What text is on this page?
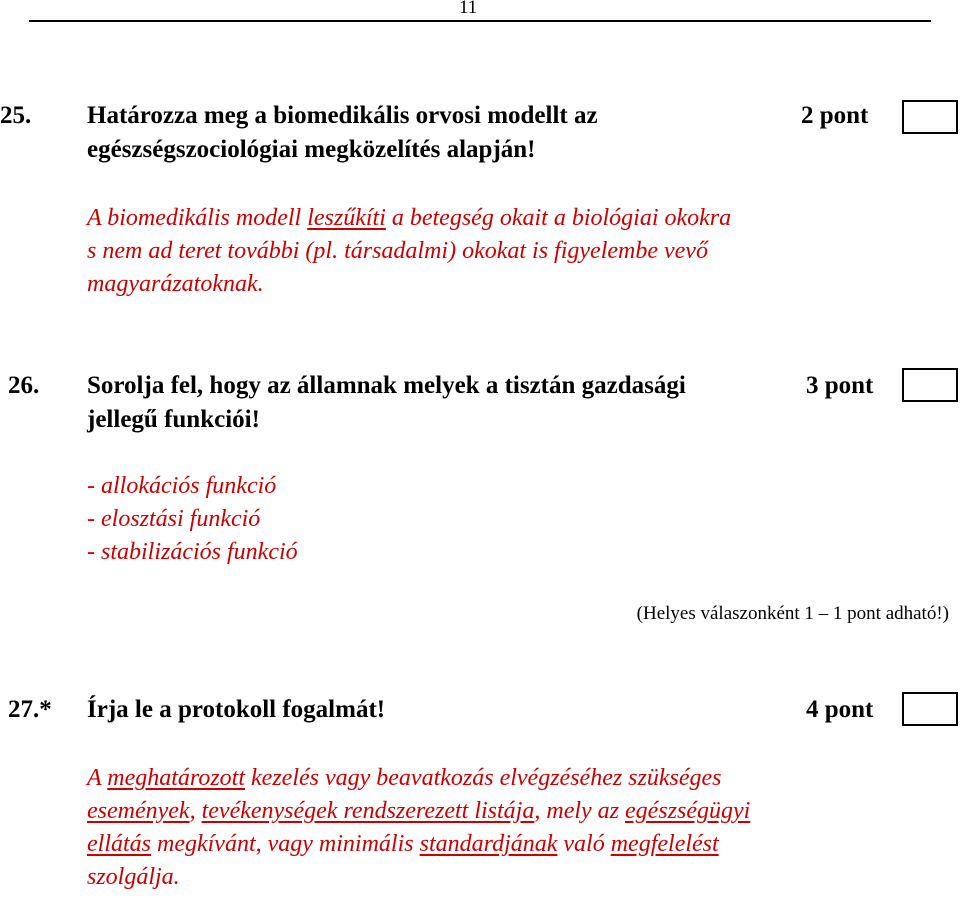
11
25. Határozza meg a biomedikális orvosi modellt az
egészségszociológiai megközelítés alapján!
2 pont
A biomedikális modell leszűkíti a betegség okait a biológiai okokra
s nem ad teret további (pl. társadalmi) okokat is figyelembe vevő
magyarázatoknak.
26. Sorolja fel, hogy az államnak melyek a tisztán gazdasági
jellegű funkciói!
3 pont
- allokációs funkció
- elosztási funkció
- stabilizációs funkció
(Helyes válaszonként 1 – 1 pont adható!)
27.* Írja le a protokoll fogalmát!	4 pont
A meghatározott kezelés vagy beavatkozás elvégzéséhez szükséges
események, tevékenységek rendszerezett listája, mely az egészségügyi
ellátás megkívánt, vagy minimális standardjának való megfelelést
szolgálja.
